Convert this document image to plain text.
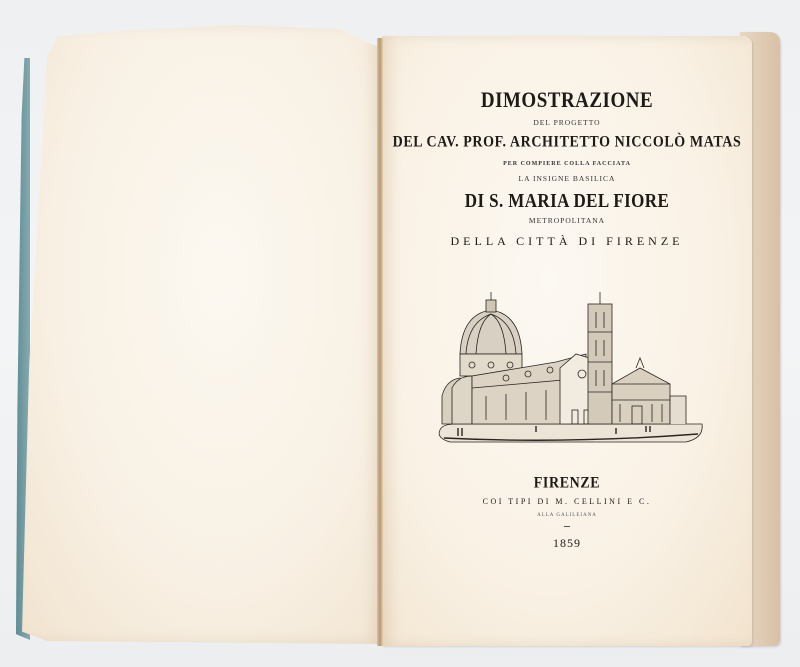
DIMOSTRAZIONE

DEL PROGETTO

DEL CAV. PROF. ARCHITETTO NICCOLÒ MATAS

PER COMPIERE COLLA FACCIATA

LA INSIGNE BASILICA

DI S. MARIA DEL FIORE

METROPOLITANA

DELLA CITTÀ DI FIRENZE

FIRENZE

COI TIPI DI M. CELLINI E C.

ALLA GALILEIANA

1859
